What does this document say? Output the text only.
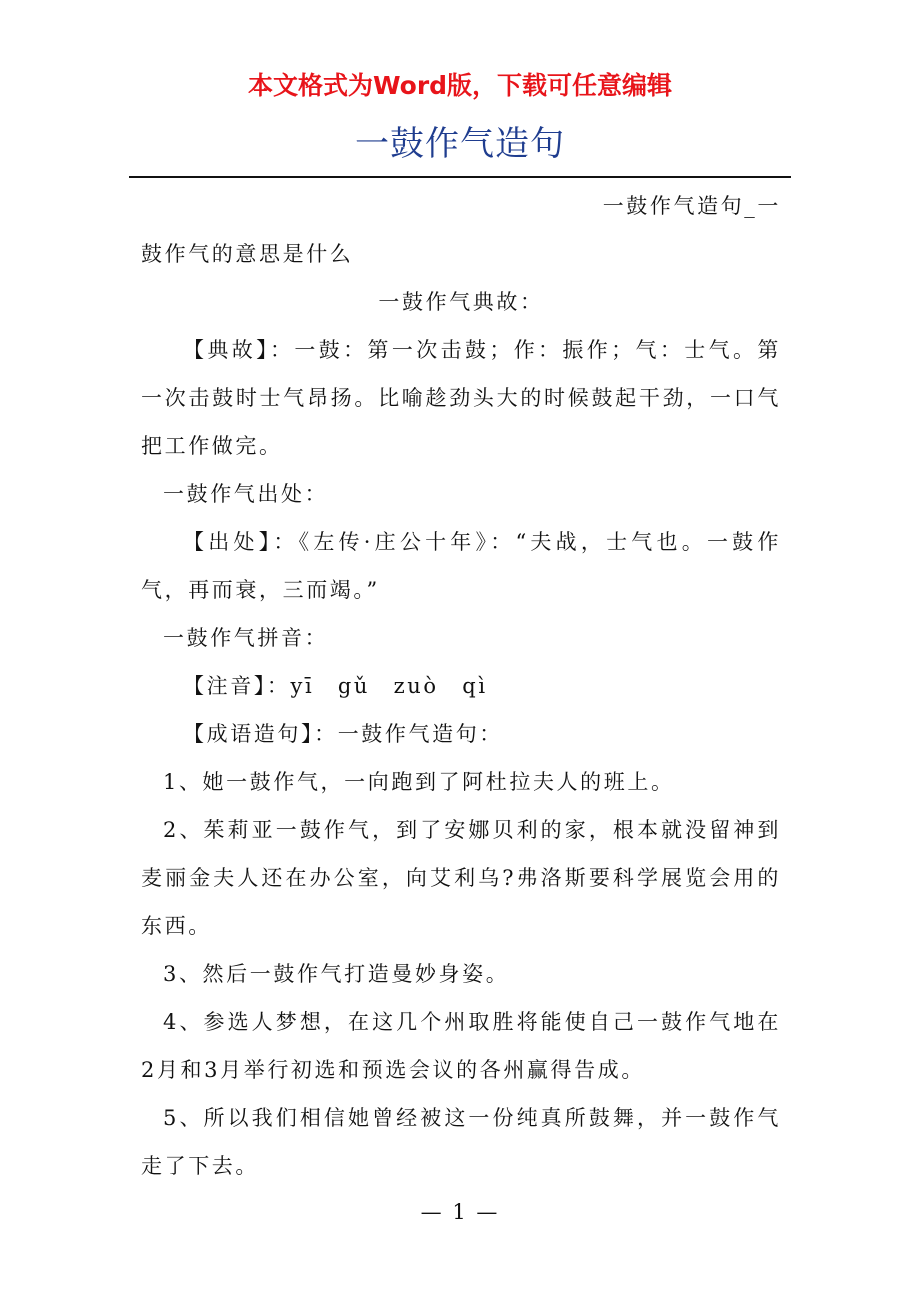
本文格式为Word版，下载可任意编辑
一鼓作气造句

一鼓作气造句_一

鼓作气的意思是什么

一鼓作气典故：

【典故】：一鼓：第一次击鼓；作：振作；气：士气。第一次击鼓时士气昂扬。比喻趁劲头大的时候鼓起干劲，一口气把工作做完。

一鼓作气出处：

【出处】：《左传·庄公十年》：“夫战，士气也。一鼓作气，再而衰，三而竭。”

一鼓作气拼音：

【注音】：yī　gǔ　zuò　qì

【成语造句】：一鼓作气造句：

1、她一鼓作气，一向跑到了阿杜拉夫人的班上。

2、茱莉亚一鼓作气，到了安娜贝利的家，根本就没留神到麦丽金夫人还在办公室，向艾利乌?弗洛斯要科学展览会用的东西。

3、然后一鼓作气打造曼妙身姿。

4、参选人梦想，在这几个州取胜将能使自己一鼓作气地在2月和3月举行初选和预选会议的各州赢得告成。

5、所以我们相信她曾经被这一份纯真所鼓舞，并一鼓作气走了下去。

— 1 —
